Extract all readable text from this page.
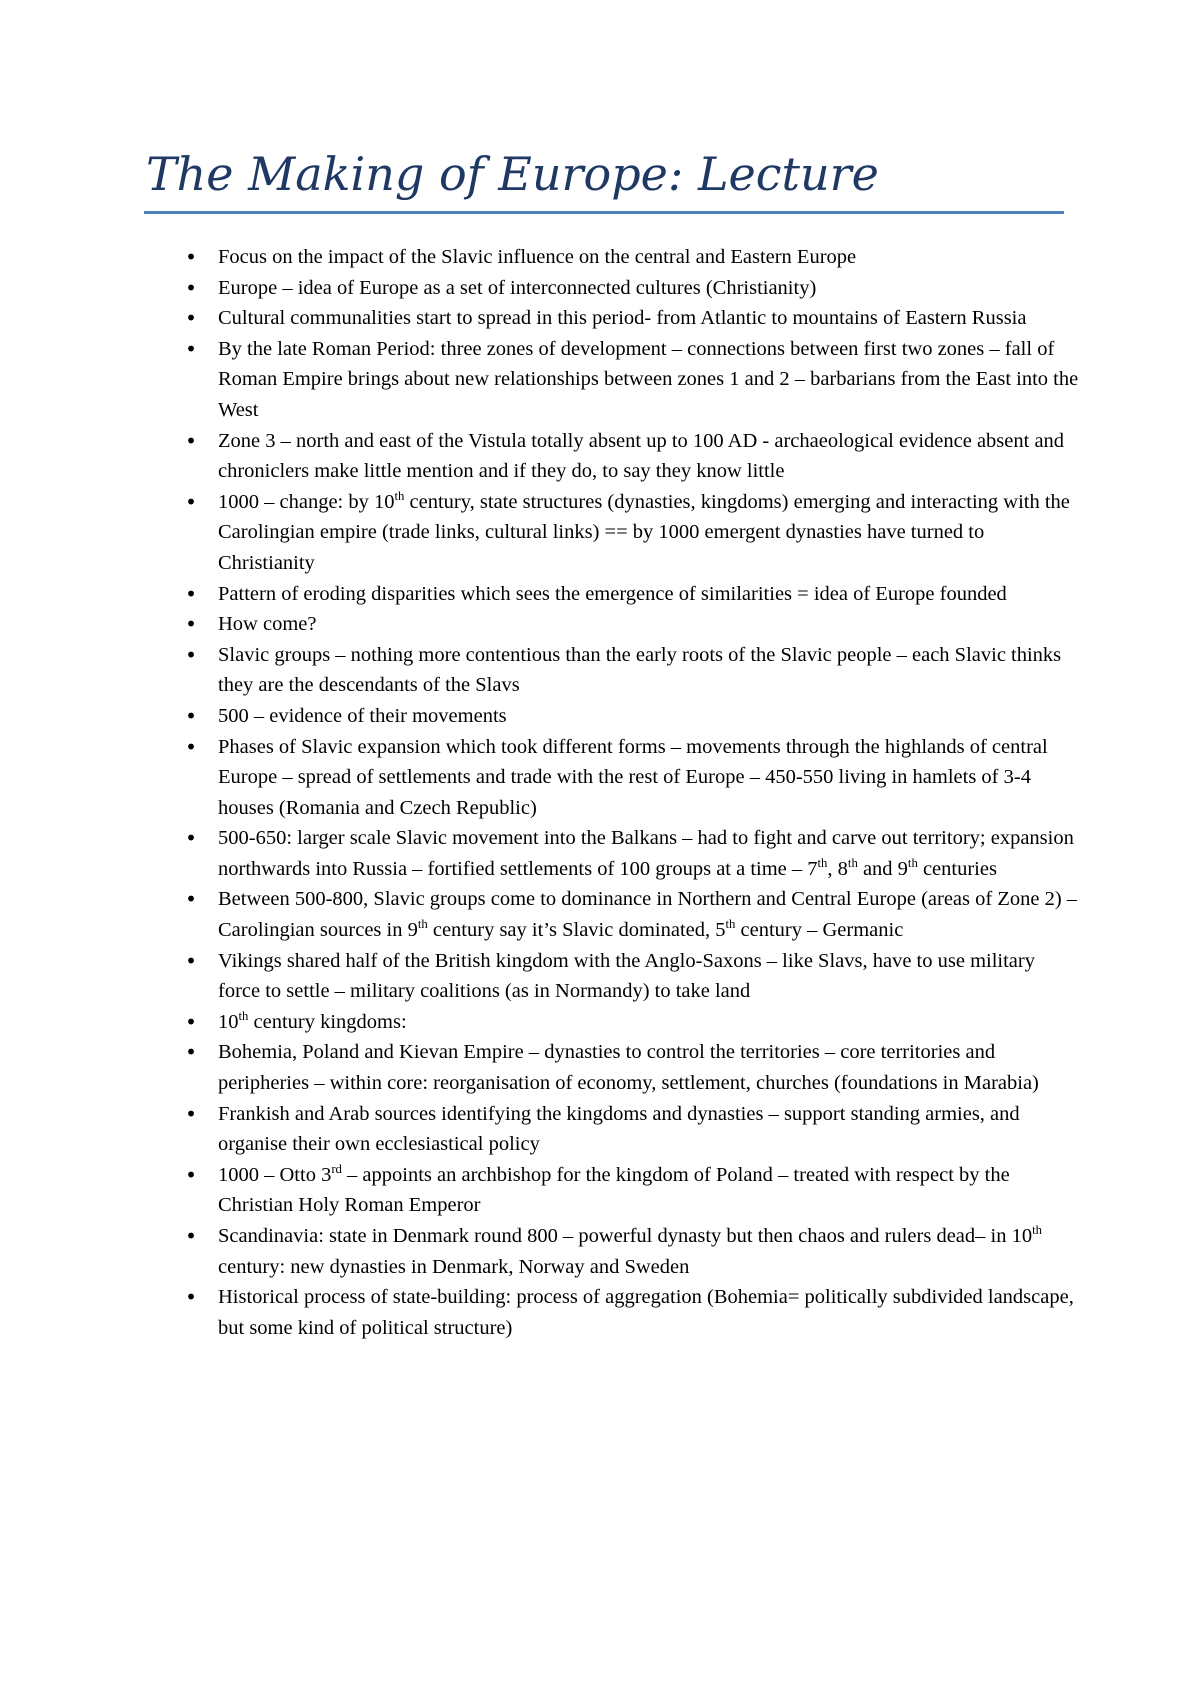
The Making of Europe: Lecture
• Focus on the impact of the Slavic influence on the central and Eastern Europe
• Europe – idea of Europe as a set of interconnected cultures (Christianity)
• Cultural communalities start to spread in this period- from Atlantic to mountains of Eastern Russia
• By the late Roman Period: three zones of development – connections between first two zones – fall of Roman Empire brings about new relationships between zones 1 and 2 – barbarians from the East into the West
• Zone 3 – north and east of the Vistula totally absent up to 100 AD - archaeological evidence absent and chroniclers make little mention and if they do, to say they know little
• 1000 – change: by 10th century, state structures (dynasties, kingdoms) emerging and interacting with the Carolingian empire (trade links, cultural links) == by 1000 emergent dynasties have turned to Christianity
• Pattern of eroding disparities which sees the emergence of similarities = idea of Europe founded
• How come?
• Slavic groups – nothing more contentious than the early roots of the Slavic people – each Slavic thinks they are the descendants of the Slavs
• 500 – evidence of their movements
• Phases of Slavic expansion which took different forms – movements through the highlands of central Europe – spread of settlements and trade with the rest of Europe – 450-550 living in hamlets of 3-4 houses (Romania and Czech Republic)
• 500-650: larger scale Slavic movement into the Balkans – had to fight and carve out territory; expansion northwards into Russia – fortified settlements of 100 groups at a time – 7th, 8th and 9th centuries
• Between 500-800, Slavic groups come to dominance in Northern and Central Europe (areas of Zone 2) – Carolingian sources in 9th century say it’s Slavic dominated, 5th century – Germanic
• Vikings shared half of the British kingdom with the Anglo-Saxons – like Slavs, have to use military force to settle – military coalitions (as in Normandy) to take land
• 10th century kingdoms:
• Bohemia, Poland and Kievan Empire – dynasties to control the territories – core territories and peripheries – within core: reorganisation of economy, settlement, churches (foundations in Marabia)
• Frankish and Arab sources identifying the kingdoms and dynasties – support standing armies, and organise their own ecclesiastical policy
• 1000 – Otto 3rd – appoints an archbishop for the kingdom of Poland – treated with respect by the Christian Holy Roman Emperor
• Scandinavia: state in Denmark round 800 – powerful dynasty but then chaos and rulers dead– in 10th century: new dynasties in Denmark, Norway and Sweden
• Historical process of state-building: process of aggregation (Bohemia= politically subdivided landscape, but some kind of political structure)
